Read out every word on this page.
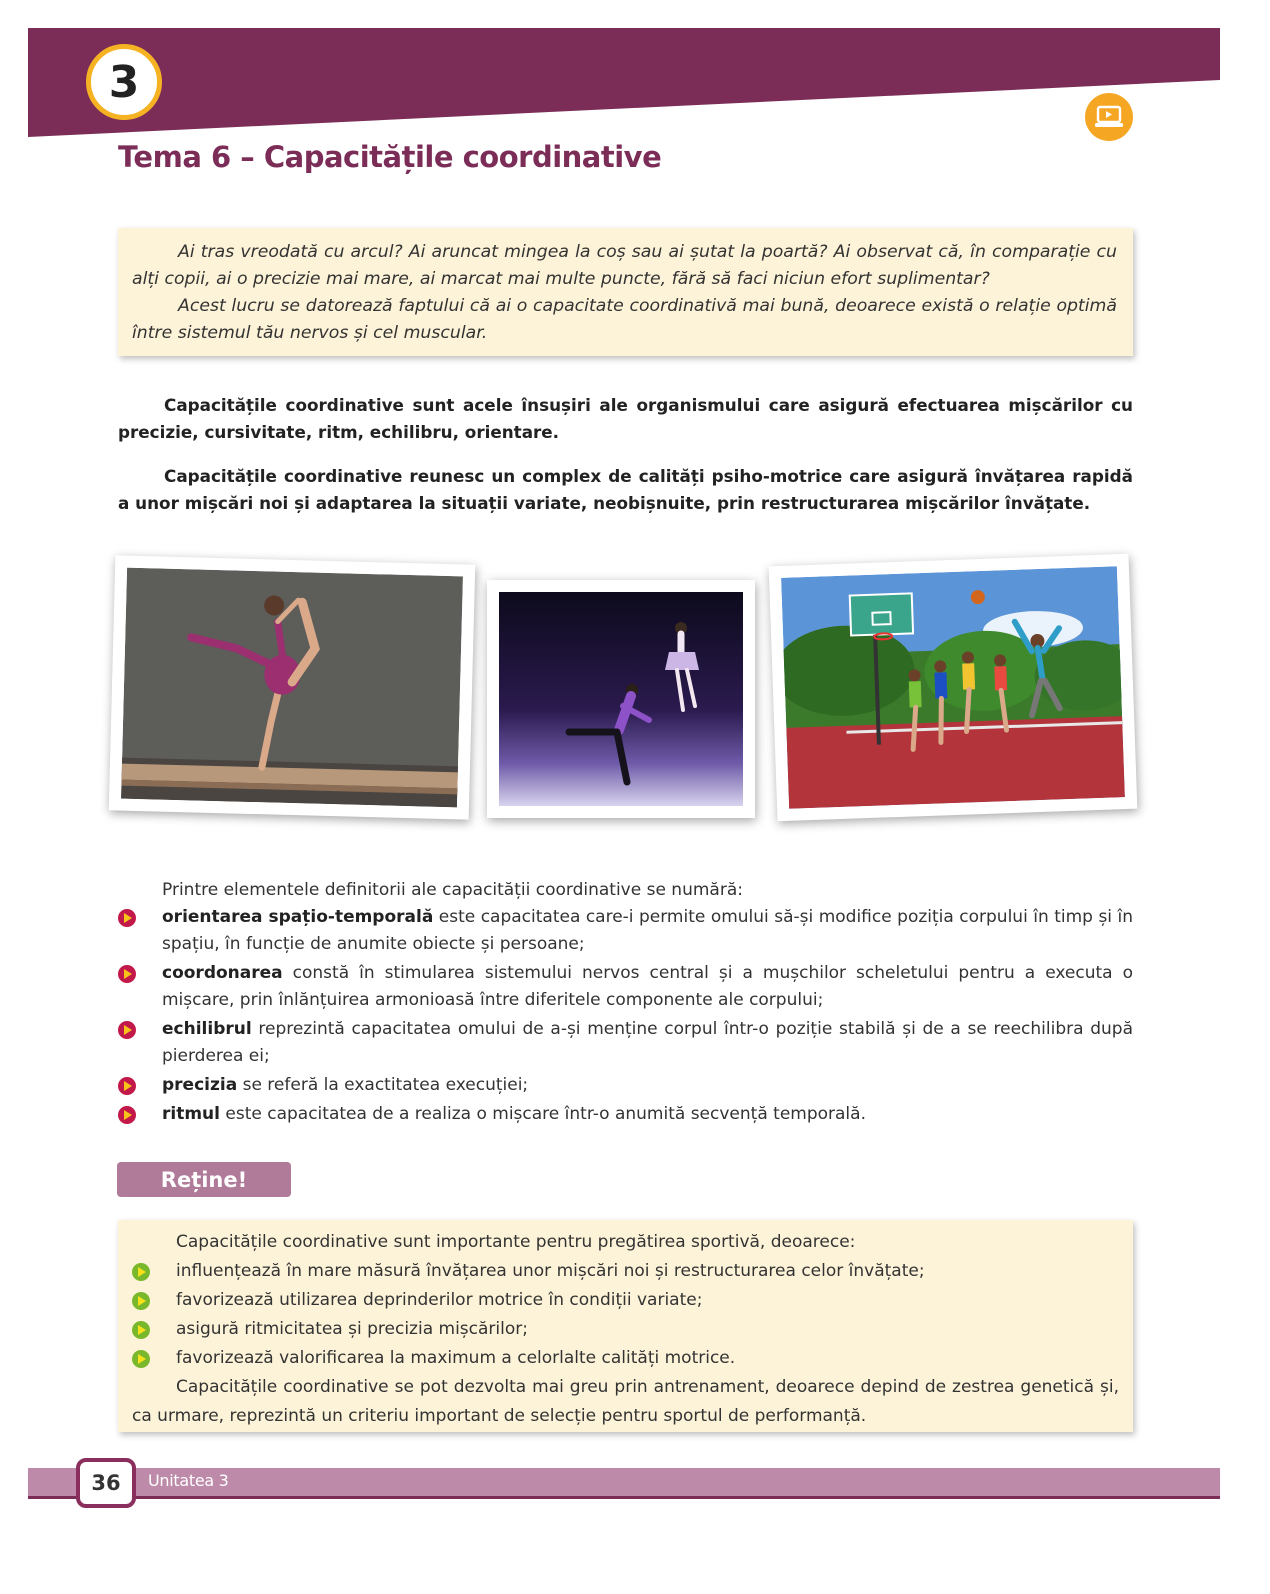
3
Tema 6 – Capacitățile coordinative

Ai tras vreodată cu arcul? Ai aruncat mingea la coș sau ai șutat la poartă? Ai observat că, în comparație cu alți copii, ai o precizie mai mare, ai marcat mai multe puncte, fără să faci niciun efort suplimentar?

Acest lucru se datorează faptului că ai o capacitate coordinativă mai bună, deoarece există o relație optimă între sistemul tău nervos și cel muscular.

Capacitățile coordinative sunt acele însușiri ale organismului care asigură efectuarea mișcărilor cu precizie, cursivitate, ritm, echilibru, orientare.

Capacitățile coordinative reunesc un complex de calități psiho-motrice care asigură învățarea rapidă a unor mișcări noi și adaptarea la situații variate, neobișnuite, prin restructurarea mișcărilor învățate.

Printre elementele definitorii ale capacității coordinative se numără:

orientarea spațio-temporală este capacitatea care-i permite omului să-și modifice poziția corpului în timp și în spațiu, în funcție de anumite obiecte și persoane;
coordonarea constă în stimularea sistemului nervos central și a mușchilor scheletului pentru a executa o mișcare, prin înlănțuirea armonioasă între diferitele componente ale corpului;
echilibrul reprezintă capacitatea omului de a-și menține corpul într-o poziție stabilă și de a se reechilibra după pierderea ei;
precizia se referă la exactitatea execuției;
ritmul este capacitatea de a realiza o mișcare într-o anumită secvență temporală.
Reține!

Capacitățile coordinative sunt importante pentru pregătirea sportivă, deoarece:

influențează în mare măsură învățarea unor mișcări noi și restructurarea celor învățate;
favorizează utilizarea deprinderilor motrice în condiții variate;
asigură ritmicitatea și precizia mișcărilor;
favorizează valorificarea la maximum a celorlalte calități motrice.

Capacitățile coordinative se pot dezvolta mai greu prin antrenament, deoarece depind de zestrea genetică și, ca urmare, reprezintă un criteriu important de selecție pentru sportul de performanță.

36	Unitatea 3
